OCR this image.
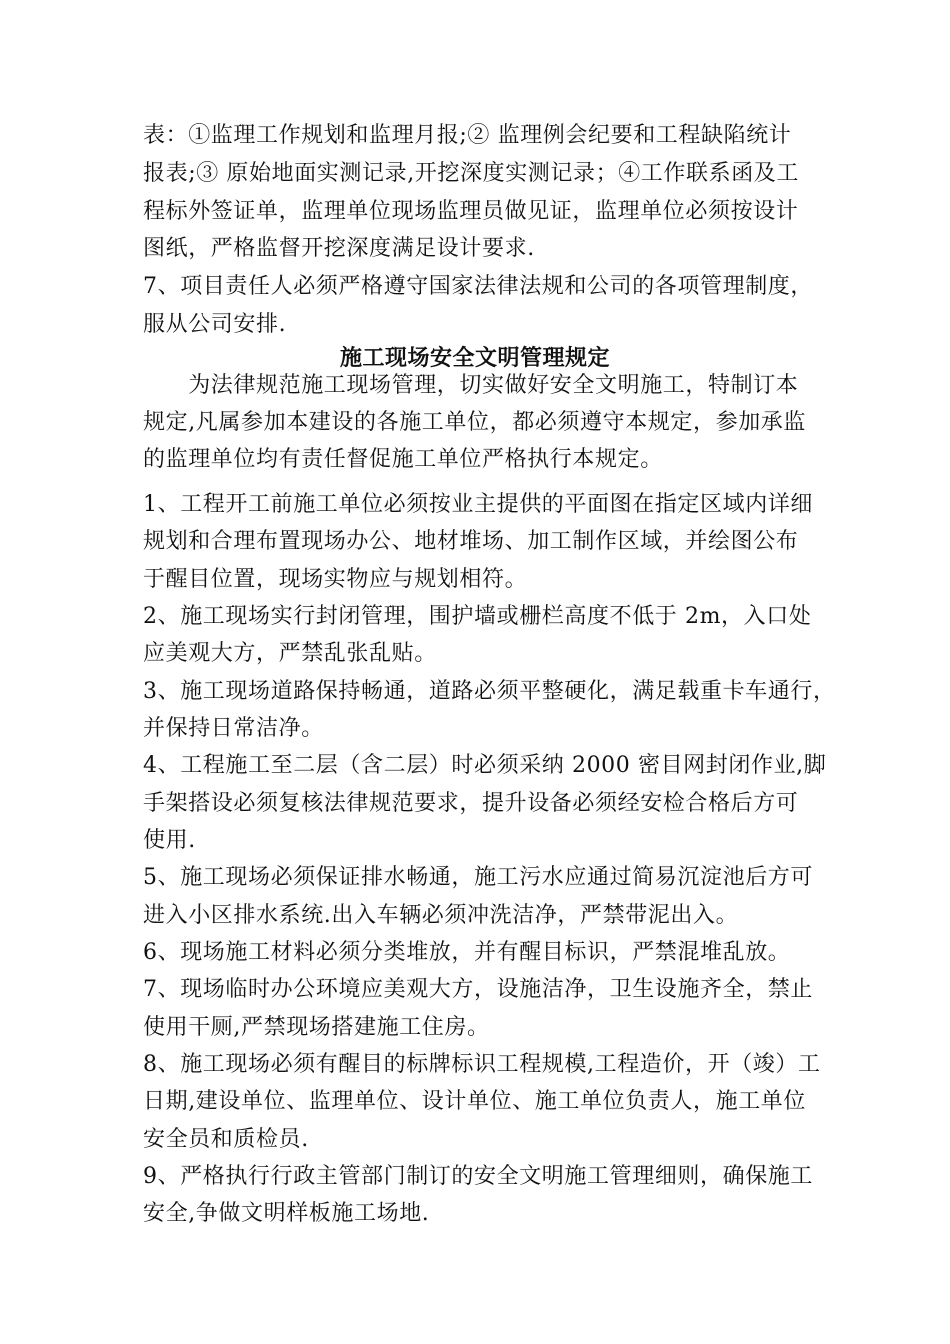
表：①监理工作规划和监理月报;② 监理例会纪要和工程缺陷统计

报表;③ 原始地面实测记录,开挖深度实测记录；④工作联系函及工

程标外签证单，监理单位现场监理员做见证，监理单位必须按设计

图纸，严格监督开挖深度满足设计要求.

7、项目责任人必须严格遵守国家法律法规和公司的各项管理制度，

服从公司安排.

施工现场安全文明管理规定

　　为法律规范施工现场管理，切实做好安全文明施工，特制订本

规定,凡属参加本建设的各施工单位，都必须遵守本规定，参加承监

的监理单位均有责任督促施工单位严格执行本规定。

1、工程开工前施工单位必须按业主提供的平面图在指定区域内详细

规划和合理布置现场办公、地材堆场、加工制作区域，并绘图公布

于醒目位置，现场实物应与规划相符。

2、施工现场实行封闭管理，围护墙或栅栏高度不低于 2m，入口处

应美观大方，严禁乱张乱贴。

3、施工现场道路保持畅通，道路必须平整硬化，满足载重卡车通行，

并保持日常洁净。

4、工程施工至二层（含二层）时必须采纳 2000 密目网封闭作业,脚

手架搭设必须复核法律规范要求，提升设备必须经安检合格后方可

使用.

5、施工现场必须保证排水畅通，施工污水应通过简易沉淀池后方可

进入小区排水系统.出入车辆必须冲洗洁净，严禁带泥出入。

6、现场施工材料必须分类堆放，并有醒目标识，严禁混堆乱放。

7、现场临时办公环境应美观大方，设施洁净，卫生设施齐全，禁止

使用干厕,严禁现场搭建施工住房。

8、施工现场必须有醒目的标牌标识工程规模,工程造价，开（竣）工

日期,建设单位、监理单位、设计单位、施工单位负责人，施工单位

安全员和质检员.

9、严格执行行政主管部门制订的安全文明施工管理细则，确保施工

安全,争做文明样板施工场地.
